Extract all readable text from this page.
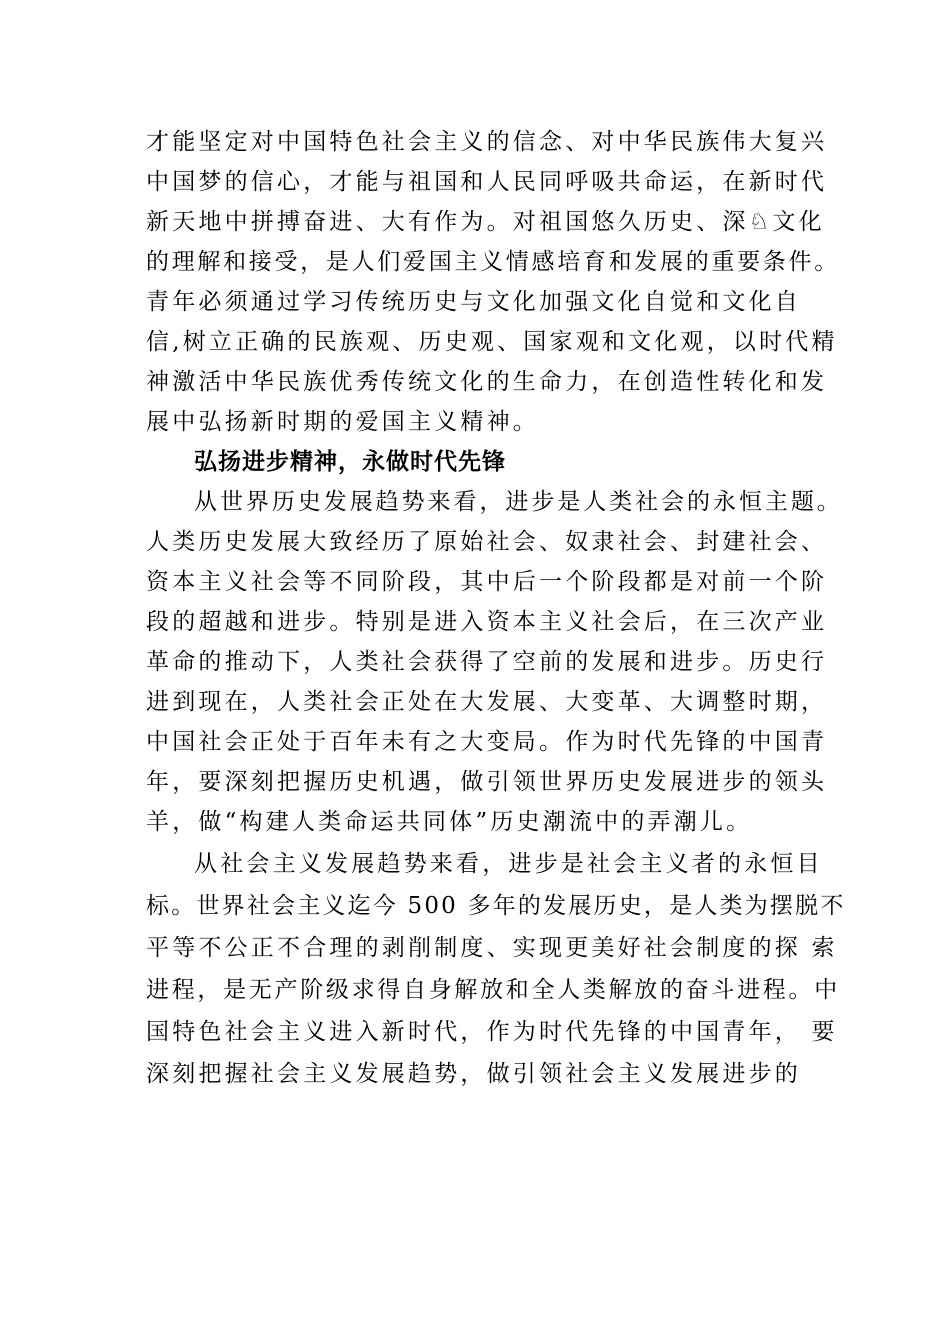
才能坚定对中国特色社会主义的信念、对中华民族伟大复兴
中国梦的信心，才能与祖国和人民同呼吸共命运，在新时代
新天地中拼搏奋进、大有作为。对祖国悠久历史、深♘文化
的理解和接受，是人们爱国主义情感培育和发展的重要条件。
青年必须通过学习传统历史与文化加强文化自觉和文化自
信,树立正确的民族观、历史观、国家观和文化观，以时代精
神激活中华民族优秀传统文化的生命力，在创造性转化和发
展中弘扬新时期的爱国主义精神。
弘扬进步精神，永做时代先锋
从世界历史发展趋势来看，进步是人类社会的永恒主题。
人类历史发展大致经历了原始社会、奴隶社会、封建社会、
资本主义社会等不同阶段，其中后一个阶段都是对前一个阶
段的超越和进步。特别是进入资本主义社会后，在三次产业
革命的推动下，人类社会获得了空前的发展和进步。历史行
进到现在，人类社会正处在大发展、大变革、大调整时期，
中国社会正处于百年未有之大变局。作为时代先锋的中国青
年，要深刻把握历史机遇，做引领世界历史发展进步的领头
羊，做“构建人类命运共同体”历史潮流中的弄潮儿。
从社会主义发展趋势来看，进步是社会主义者的永恒目
标。世界社会主义迄今 500 多年的发展历史，是人类为摆脱不
平等不公正不合理的剥削制度、实现更美好社会制度的探 索
进程，是无产阶级求得自身解放和全人类解放的奋斗进程。中
国特色社会主义进入新时代，作为时代先锋的中国青年， 要
深刻把握社会主义发展趋势，做引领社会主义发展进步的
